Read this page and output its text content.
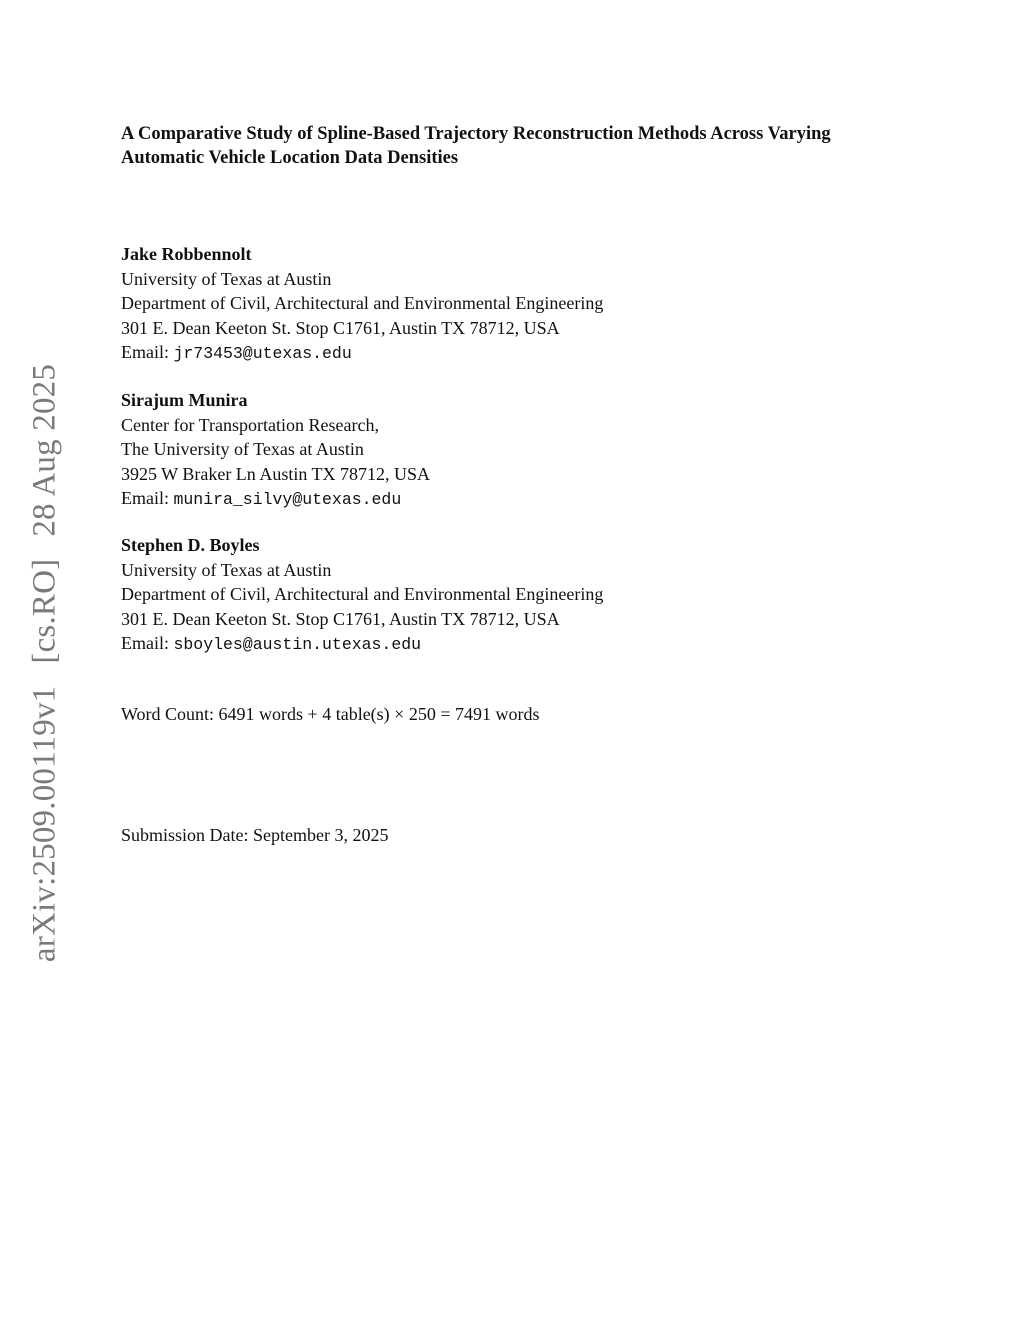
arXiv:2509.00119v1[cs.RO]28 Aug 2025
A Comparative Study of Spline-Based Trajectory Reconstruction Methods Across Varying
Automatic Vehicle Location Data Densities
Jake Robbennolt
University of Texas at Austin
Department of Civil, Architectural and Environmental Engineering
301 E. Dean Keeton St. Stop C1761, Austin TX 78712, USA
Email: jr73453@utexas.edu
Sirajum Munira
Center for Transportation Research,
The University of Texas at Austin
3925 W Braker Ln Austin TX 78712, USA
Email: munira_silvy@utexas.edu
Stephen D. Boyles
University of Texas at Austin
Department of Civil, Architectural and Environmental Engineering
301 E. Dean Keeton St. Stop C1761, Austin TX 78712, USA
Email: sboyles@austin.utexas.edu
Word Count: 6491 words + 4 table(s) × 250 = 7491 words
Submission Date: September 3, 2025
